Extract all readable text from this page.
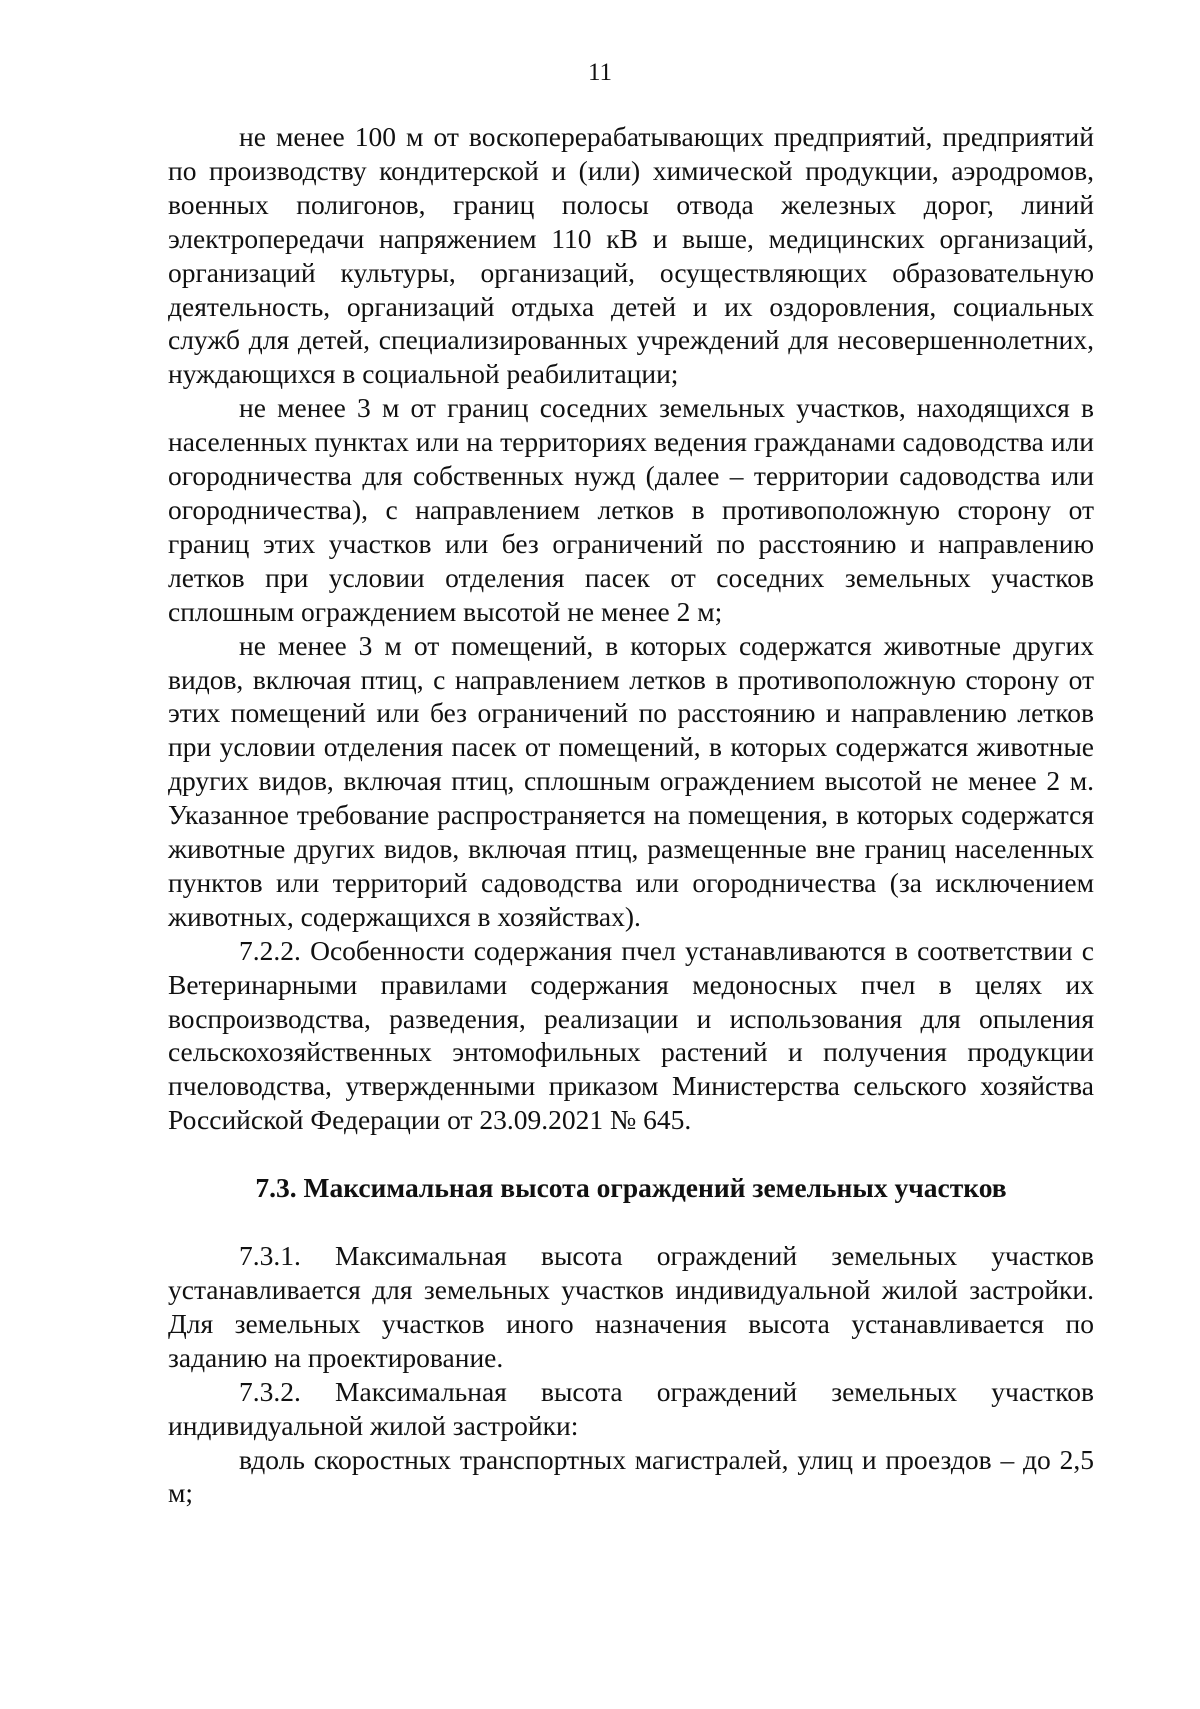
11

не менее 100 м от воскоперерабатывающих предприятий, предприятий по производству кондитерской и (или) химической продукции, аэродромов, военных полигонов, границ полосы отвода железных дорог, линий электропередачи напряжением 110 кВ и выше, медицинских организаций, организаций культуры, организаций, осуществляющих образовательную деятельность, организаций отдыха детей и их оздоровления, социальных служб для детей, специализированных учреждений для несовершеннолетних, нуждающихся в социальной реабилитации;

не менее 3 м от границ соседних земельных участков, находящихся в населенных пунктах или на территориях ведения гражданами садоводства или огородничества для собственных нужд (далее – территории садоводства или огородничества), с направлением летков в противоположную сторону от границ этих участков или без ограничений по расстоянию и направлению летков при условии отделения пасек от соседних земельных участков сплошным ограждением высотой не менее 2 м;

не менее 3 м от помещений, в которых содержатся животные других видов, включая птиц, с направлением летков в противоположную сторону от этих помещений или без ограничений по расстоянию и направлению летков при условии отделения пасек от помещений, в которых содержатся животные других видов, включая птиц, сплошным ограждением высотой не менее 2 м. Указанное требование распространяется на помещения, в которых содержатся животные других видов, включая птиц, размещенные вне границ населенных пунктов или территорий садоводства или огородничества (за исключением животных, содержащихся в хозяйствах).

7.2.2. Особенности содержания пчел устанавливаются в соответствии с Ветеринарными правилами содержания медоносных пчел в целях их воспроизводства, разведения, реализации и использования для опыления сельскохозяйственных энтомофильных растений и получения продукции пчеловодства, утвержденными приказом Министерства сельского хозяйства Российской Федерации от 23.09.2021 № 645.

7.3. Максимальная высота ограждений земельных участков

7.3.1. Максимальная высота ограждений земельных участков устанавливается для земельных участков индивидуальной жилой застройки. Для земельных участков иного назначения высота устанавливается по заданию на проектирование.

7.3.2. Максимальная высота ограждений земельных участков индивидуальной жилой застройки:

вдоль скоростных транспортных магистралей, улиц и проездов – до 2,5 м;
